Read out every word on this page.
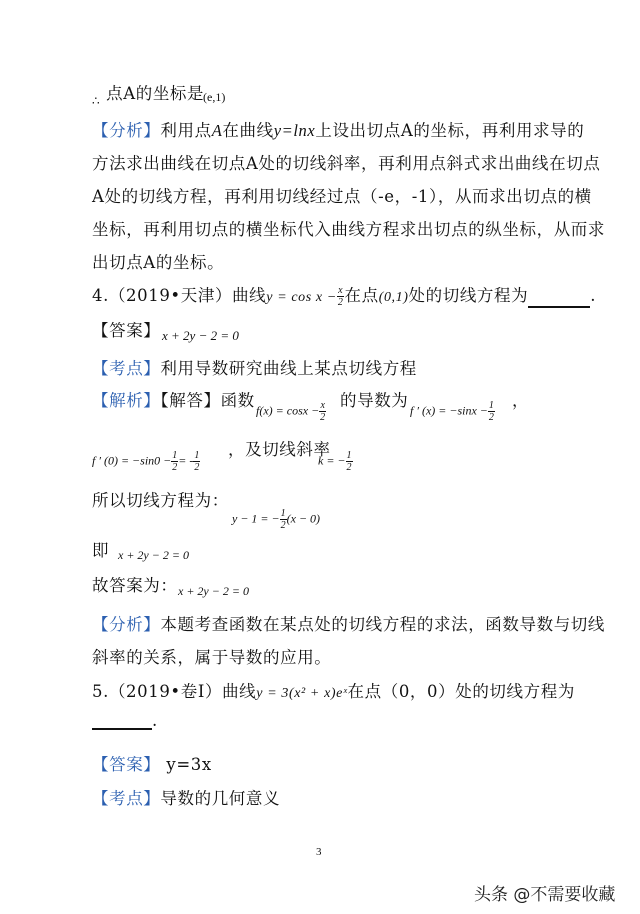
$_\therefore$ 点A的坐标是
(e,1)
【分析】利用点A在曲线y=lnx上设出切点A的坐标，再利用求导的
方法求出曲线在切点A处的切线斜率，再利用点斜式求出曲线在切点
A处的切线方程，再利用切线经过点（-e，-1），从而求出切点的横
坐标，再利用切点的横坐标代入曲线方程求出切点的纵坐标，从而求
出切点A的坐标。
4.（2019•天津）曲线$y = \cos x - \frac{x}{2}$ 在点(0,1)处的切线方程为	.
【答案】 x + 2y − 2 = 0
【考点】利用导数研究曲线上某点切线方程
【解析】【解答】函数
$f(x) = \cos x - \frac{x}{2}$ 的导数为
f ′ $(x) = -\sin x - \frac{1}{2}$ ，
f ′ $(0) = -\sin 0 - \frac{1}{2}$ = - $\frac{1}{2}$
，及切线斜率
k = − $\frac{1}{2}$
所以切线方程为：
y − 1 = − $\frac{1}{2} (x - 0)$
即 x + 2y − 2 = 0
故答案为： x + 2y − 2 = 0
【分析】本题考查函数在某点处的切线方程的求法，函数导数与切线
斜率的关系，属于导数的应用。
5.（2019•卷Ⅰ）曲线y = 3(x² + x)eˣ在点（0，0）处的切线方程为
.
【答案】 y=3x
【考点】导数的几何意义
3
头条 @不需要收藏
